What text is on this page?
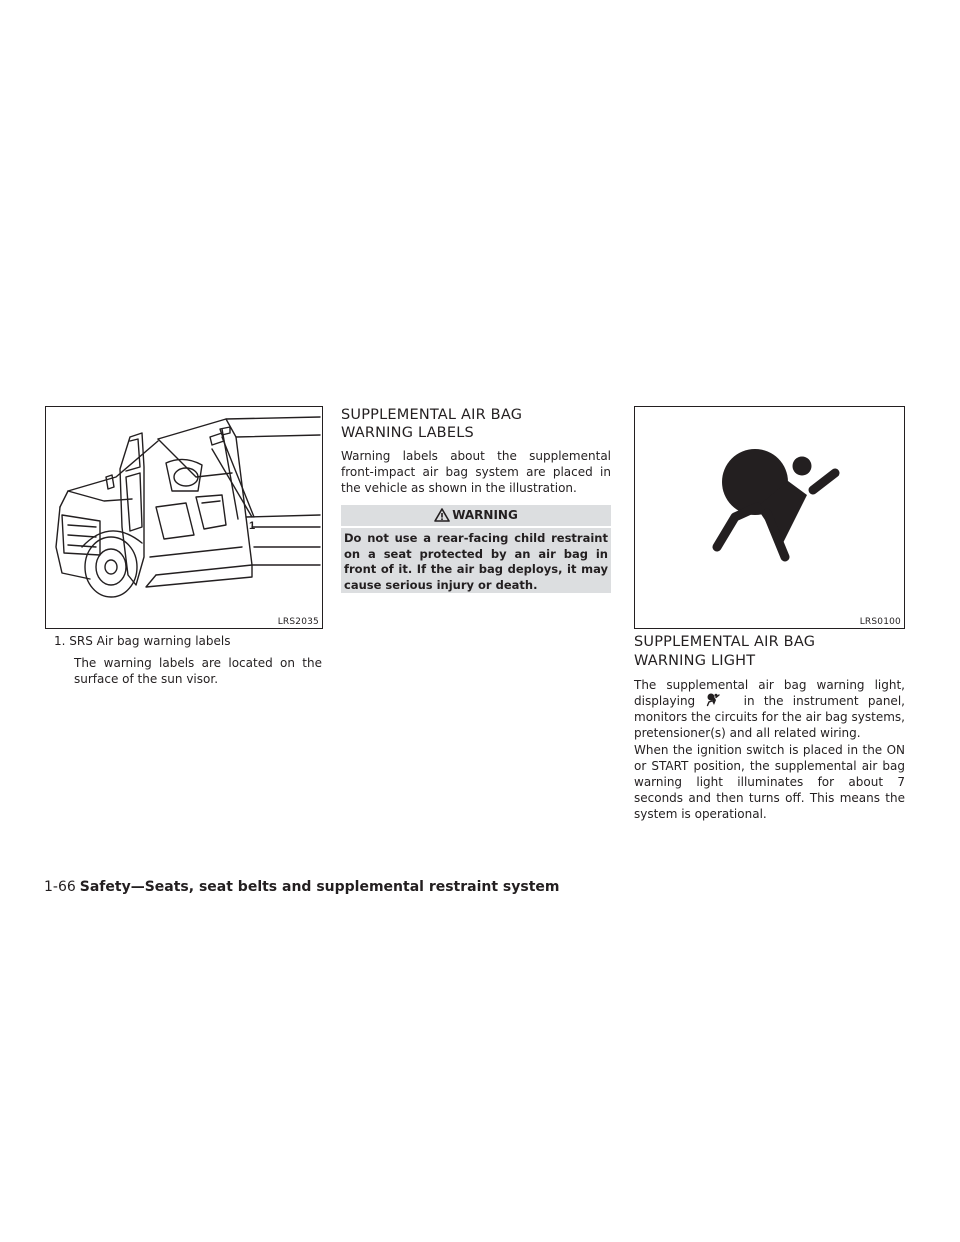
1
LRS2035
1. SRS Air bag warning labels
The warning labels are located on the surface of the sun visor.
SUPPLEMENTAL AIR BAG
WARNING LABELS
Warning labels about the supplemental front-impact air bag system are placed in the vehicle as shown in the illustration.
WARNING
Do not use a rear-facing child restraint on a seat protected by an air bag in front of it. If the air bag deploys, it may cause serious injury or death.
LRS0100
SUPPLEMENTAL AIR BAG
WARNING LIGHT
The supplemental air bag warning light, displaying	in the instrument panel, monitors the circuits for the air bag systems, pretensioner(s) and all related wiring.
When the ignition switch is placed in the ON or START position, the supplemental air bag warning light illuminates for about 7 seconds and then turns off. This means the system is operational.
1-66 Safety—Seats, seat belts and supplemental restraint system
